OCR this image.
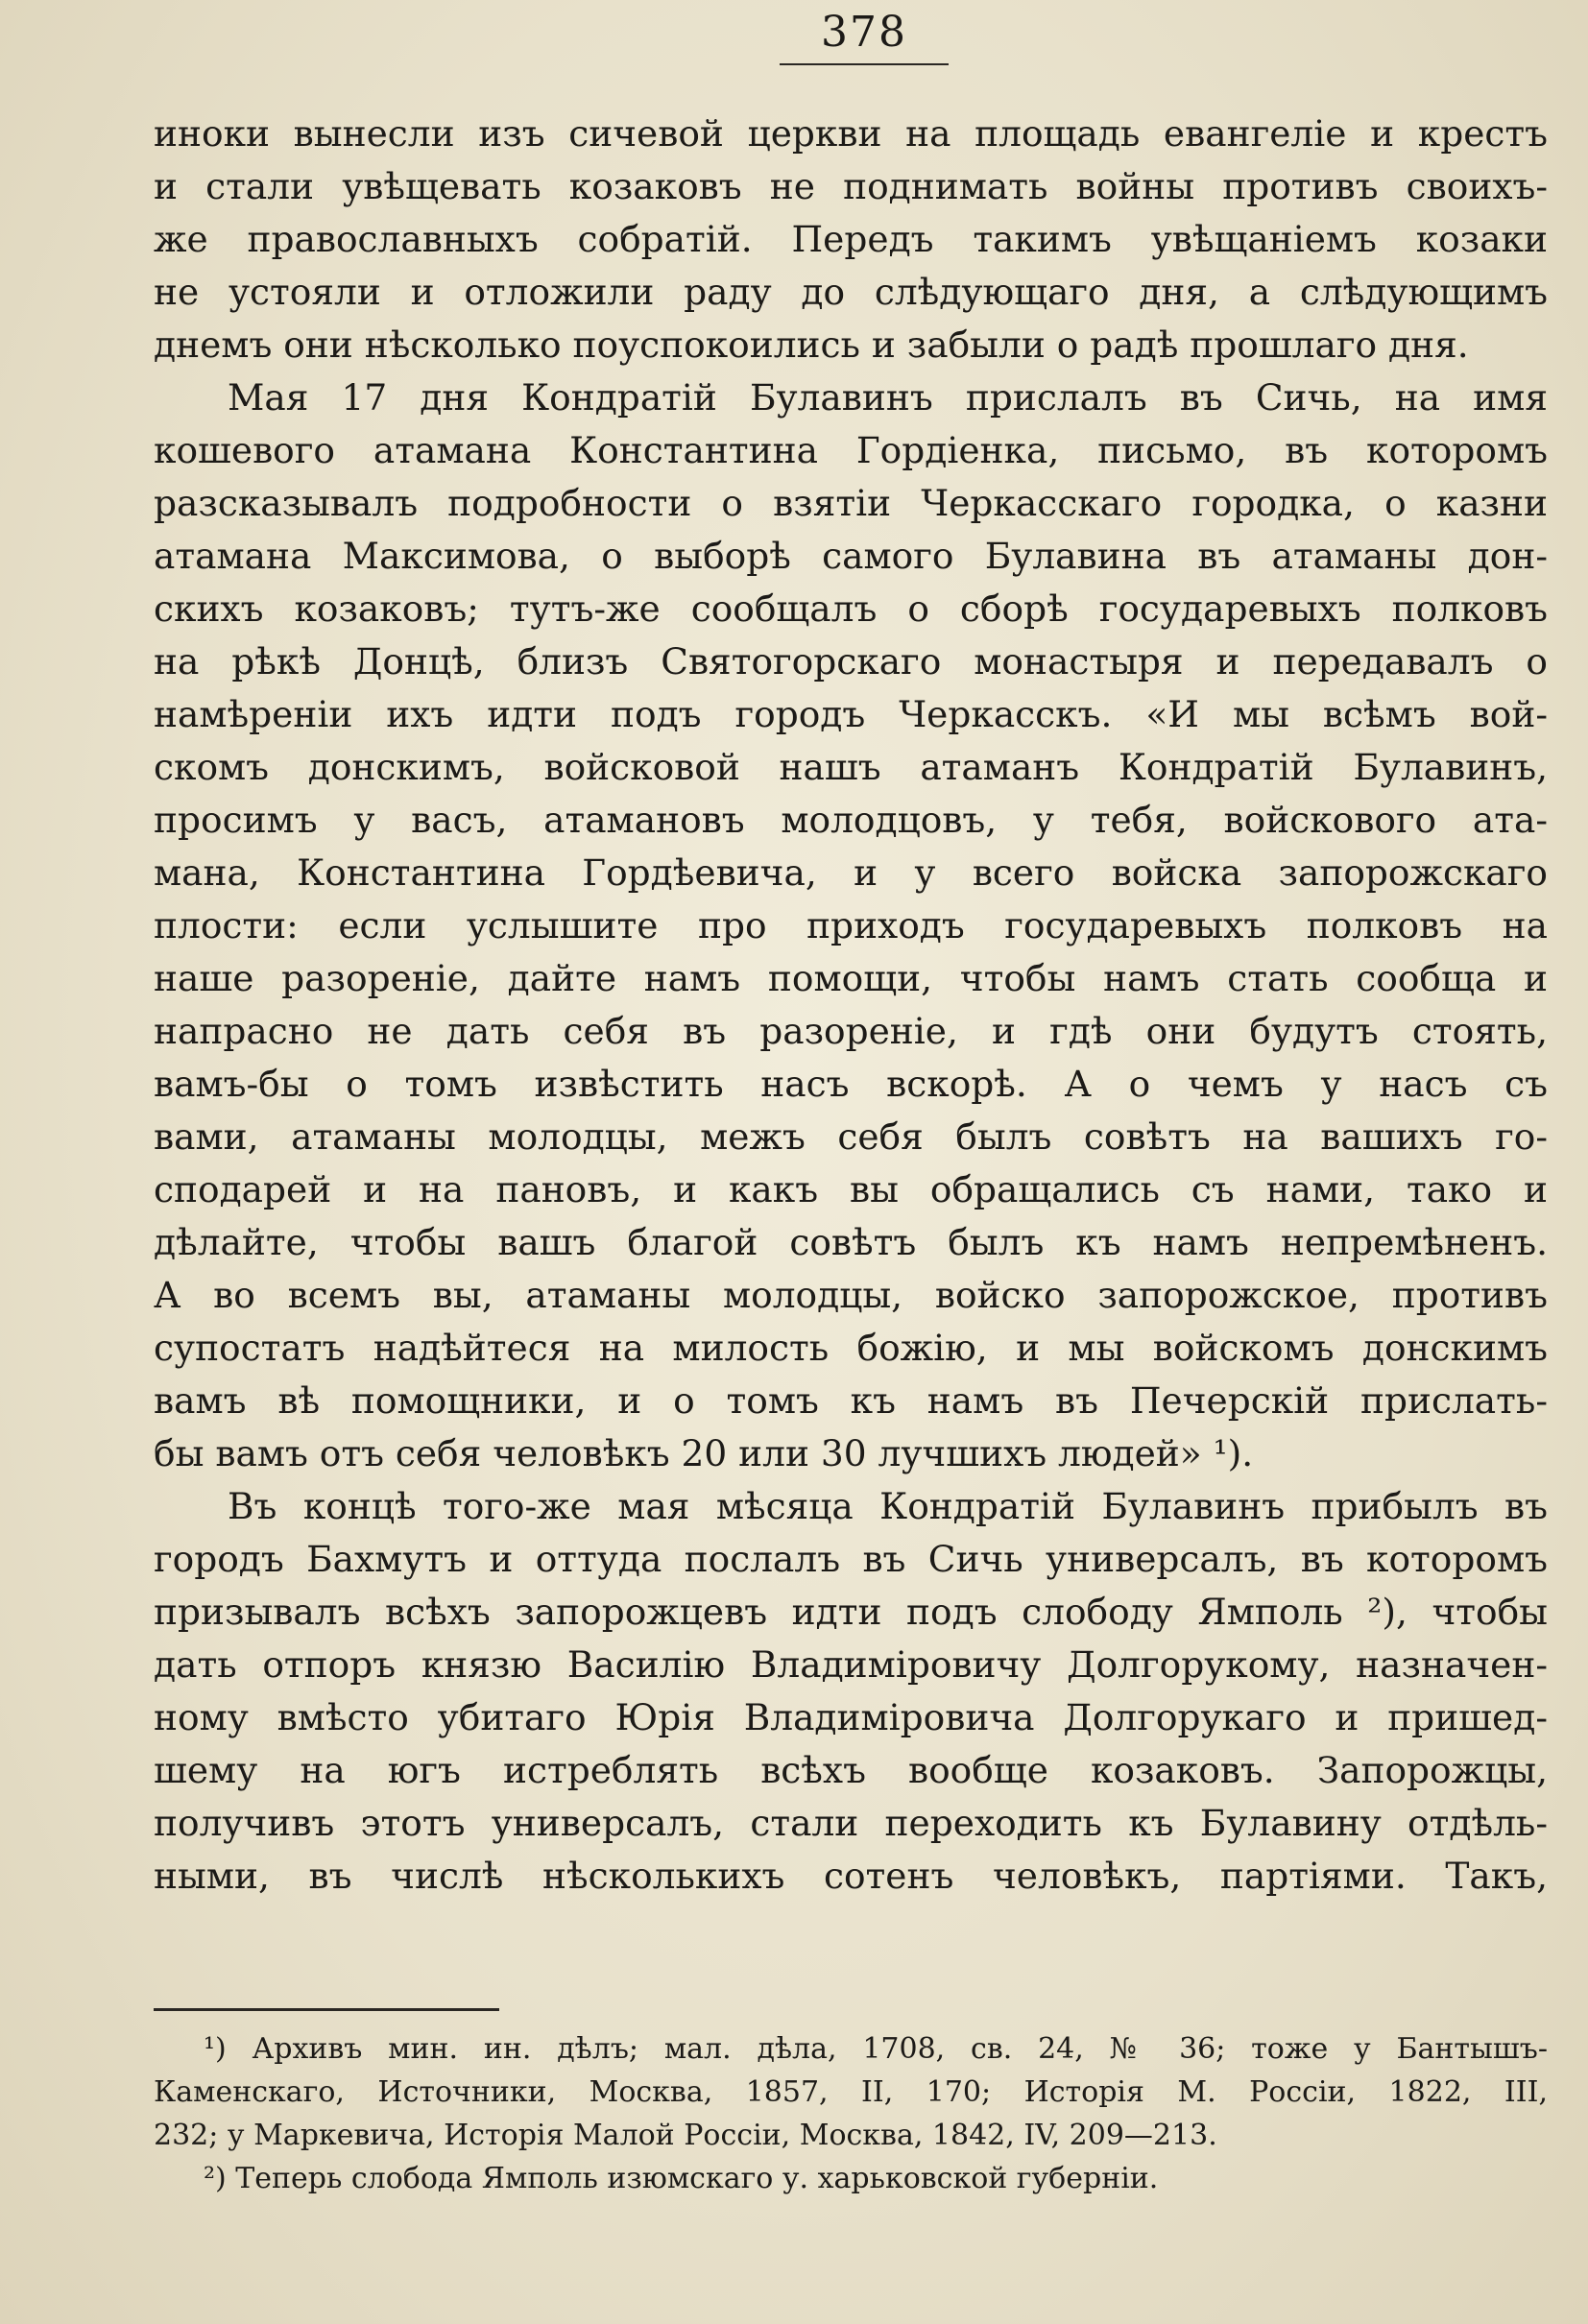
378
иноки вынесли изъ сичевой церкви на площадь евангеліе и крестъ
и стали увѣщевать козаковъ не поднимать войны противъ своихъ-
же православныхъ собратій. Передъ такимъ увѣщаніемъ козаки
не устояли и отложили раду до слѣдующаго дня, а слѣдующимъ
днемъ они нѣсколько поуспокоились и забыли о радѣ прошлаго дня.
Мая 17 дня Кондратій Булавинъ прислалъ въ Сичь, на имя
кошевого атамана Константина Гордіенка, письмо, въ которомъ
разсказывалъ подробности о взятіи Черкасскаго городка, о казни
атамана Максимова, о выборѣ самого Булавина въ атаманы дон-
скихъ козаковъ; тутъ-же сообщалъ о сборѣ государевыхъ полковъ
на рѣкѣ Донцѣ, близъ Святогорскаго монастыря и передавалъ о
намѣреніи ихъ идти подъ городъ Черкасскъ. «И мы всѣмъ вой-
скомъ донскимъ, войсковой нашъ атаманъ Кондратій Булавинъ,
просимъ у васъ, атамановъ молодцовъ, у тебя, войскового ата-
мана, Константина Гордѣевича, и у всего войска запорожскаго
плости: если услышите про приходъ государевыхъ полковъ на
наше разореніе, дайте намъ помощи, чтобы намъ стать сообща и
напрасно не дать себя въ разореніе, и гдѣ они будутъ стоять,
вамъ-бы о томъ извѣстить насъ вскорѣ. А о чемъ у насъ съ
вами, атаманы молодцы, межъ себя былъ совѣтъ на вашихъ го-
сподарей и на пановъ, и какъ вы обращались съ нами, тако и
дѣлайте, чтобы вашъ благой совѣтъ былъ къ намъ непремѣненъ.
А во всемъ вы, атаманы молодцы, войско запорожское, противъ
супостатъ надѣйтеся на милость божію, и мы войскомъ донскимъ
вамъ вѣ помощники, и о томъ къ намъ въ Печерскій прислать-
бы вамъ отъ себя человѣкъ 20 или 30 лучшихъ людей» ¹).
Въ концѣ того-же мая мѣсяца Кондратій Булавинъ прибылъ въ
городъ Бахмутъ и оттуда послалъ въ Сичь универсалъ, въ которомъ
призывалъ всѣхъ запорожцевъ идти подъ слободу Ямполь ²), чтобы
дать отпоръ князю Василію Владиміровичу Долгорукому, назначен-
ному вмѣсто убитаго Юрія Владиміровича Долгорукаго и пришед-
шему на югъ истреблять всѣхъ вообще козаковъ. Запорожцы,
получивъ этотъ универсалъ, стали переходить къ Булавину отдѣль-
ными, въ числѣ нѣсколькихъ сотенъ человѣкъ, партіями. Такъ,
¹) Архивъ мин. ин. дѣлъ; мал. дѣла, 1708, св. 24, № 36; тоже у Бантышъ-
Каменскаго, Источники, Москва, 1857, II, 170; Исторія М. Россіи, 1822, III,
232; у Маркевича, Исторія Малой Россіи, Москва, 1842, IV, 209—213.
²) Теперь слобода Ямполь изюмскаго у. харьковской губерніи.
